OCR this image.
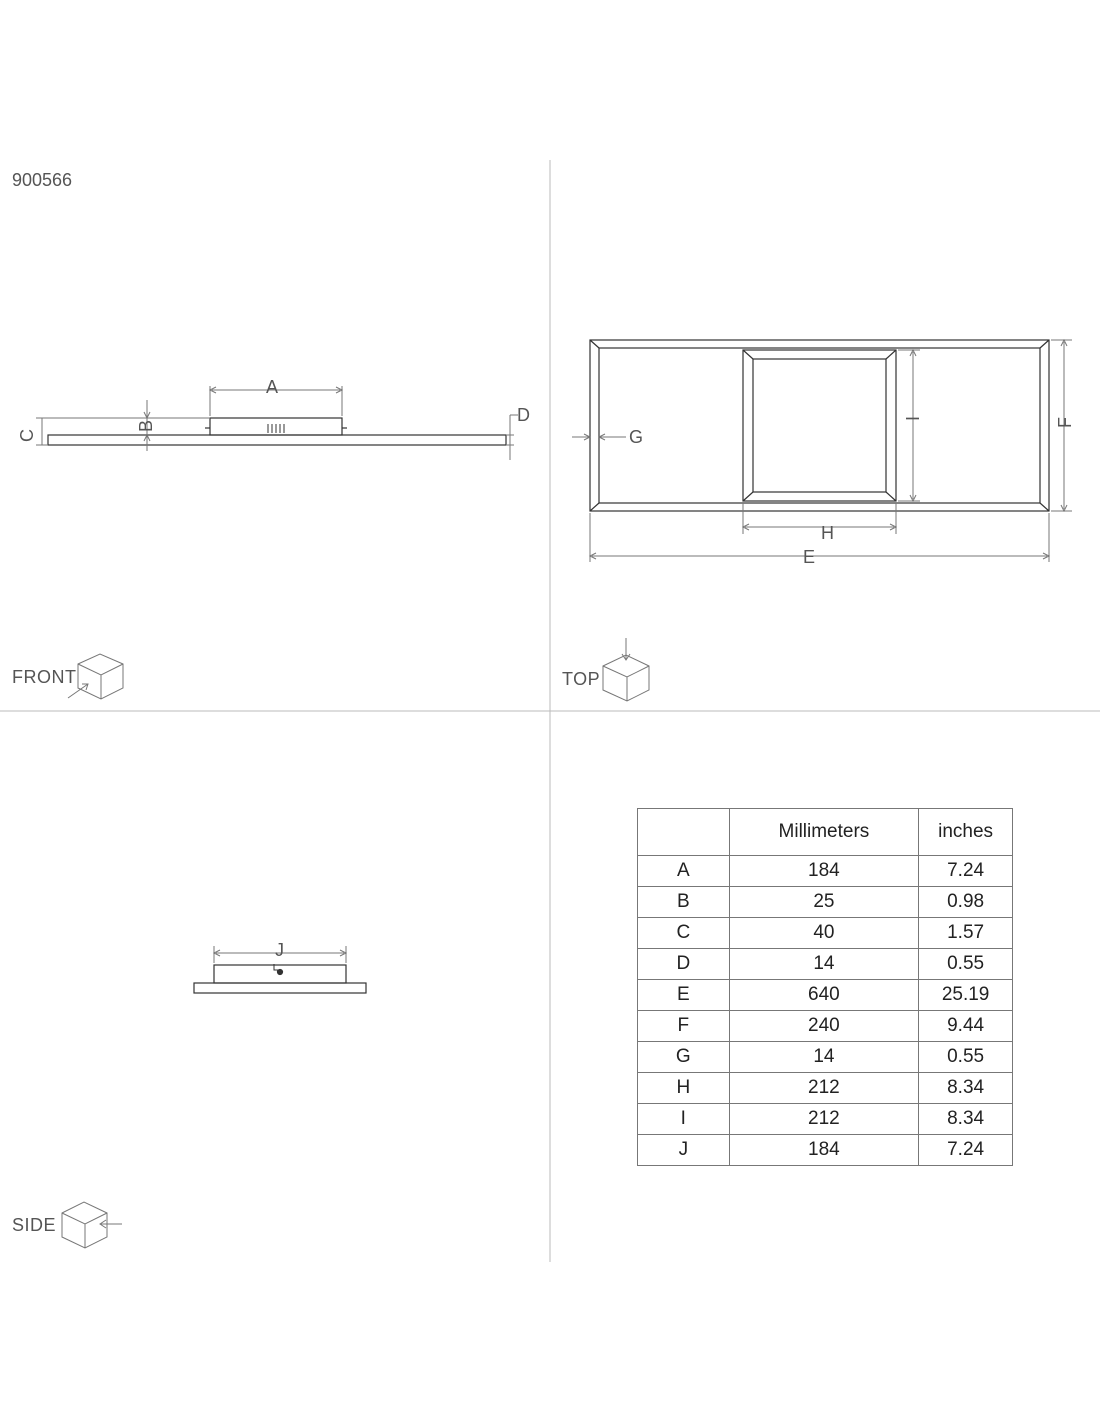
900566
A
B
C
D
G
I	F
H
E
J
FRONT	TOP
SIDE
	Millimeters	inches
A	184	7.24
B	25	0.98
C	40	1.57
D	14	0.55
E	640	25.19
F	240	9.44
G	14	0.55
H	212	8.34
I	212	8.34
J	184	7.24
